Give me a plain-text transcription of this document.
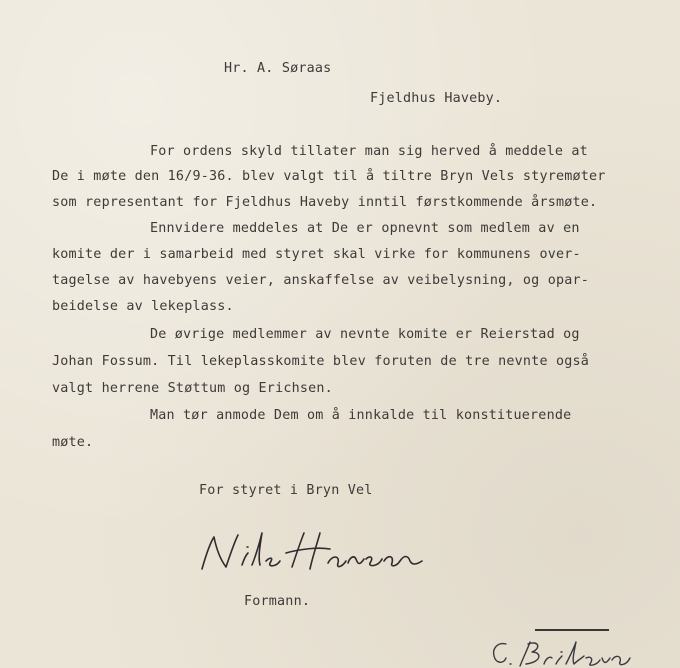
Hr. A. Søraas
Fjeldhus Haveby.
For ordens skyld tillater man sig herved å meddele at
De i møte den 16/9-36. blev valgt til å tiltre Bryn Vels styremøter
som representant for Fjeldhus Haveby inntil førstkommende årsmøte.
Ennvidere meddeles at De er opnevnt som medlem av en
komite der i samarbeid med styret skal virke for kommunens over-
tagelse av havebyens veier, anskaffelse av veibelysning, og opar-
beidelse av lekeplass.
De øvrige medlemmer av nevnte komite er Reierstad og
Johan Fossum. Til lekeplasskomite blev foruten de tre nevnte også
valgt herrene Støttum og Erichsen.
Man tør anmode Dem om å innkalde til konstituerende
møte.
For styret i Bryn Vel
Formann.
